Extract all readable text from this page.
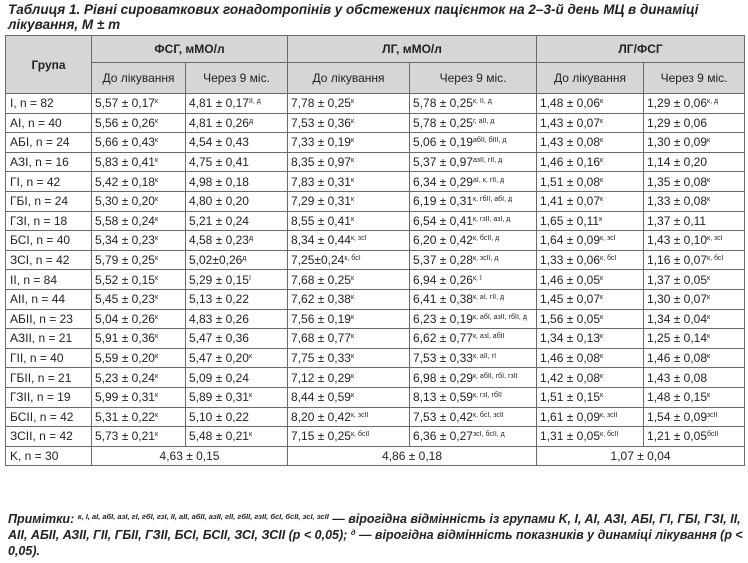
Таблиця 1. Рівні сироваткових гонадотропінів у обстежених пацієнток на 2–3-й день МЦ в динаміці лікування, M ± m
Група	ФСГ, мМО/л		ЛГ, мМО/л		ЛГ/ФСГ	
	До лікування	Через 9 міс.	До лікування	Через 9 міс.	До лікування	Через 9 міс.
I, n = 82	$5,57 \pm 0,17^к$	$4,81 \pm 0,17^{ІІ, д}$	$7,78 \pm 0,25^к$	$5,78 \pm 0,25^{к, ІІ, д}$	$1,48 \pm 0,06^к$	$1,29 \pm 0,06^{к, д}$
AI, n = 40	$5,56 \pm 0,26^к$	$4,81 \pm 0,26^д$	$7,53 \pm 0,36^к$	$5,78 \pm 0,25^{г, аІІ, д}$	$1,43 \pm 0,07^к$	1,29 ± 0,06
АБI, n = 24	$5,66 \pm 0,43^к$	4,54 ± 0,43	$7,33 \pm 0,19^к$	$5,06 \pm 0,19^{абІІ, бІІІ, д}$	$1,43 \pm 0,08^к$	$1,30 \pm 0,09^к$
АЗI, n = 16	$5,83 \pm 0,41^к$	4,75 ± 0,41	$8,35 \pm 0,97^к$	$5,37 \pm 0,97^{азІІ, гІІ, д}$	$1,46 \pm 0,16^к$	1,14 ± 0,20
ГI, n = 42	$5,42 \pm 0,18^к$	4,98 ± 0,18	$7,83 \pm 0,31^к$	$6,34 \pm 0,29^{аІ, к, гІІ, д}$	$1,51 \pm 0,08^к$	$1,35 \pm 0,08^к$
ГБI, n = 24	$5,30 \pm 0,20^к$	4,80 ± 0,20	$7,29 \pm 0,31^к$	$6,19 \pm 0,31^{к, гбІІ, абІ, д}$	$1,41 \pm 0,07^к$	$1,33 \pm 0,08^к$
ГЗI, n = 18	$5,58 \pm 0,24^к$	5,21 ± 0,24	$8,55 \pm 0,41^к$	$6,54 \pm 0,41^{к, гзІІ, азІ, д}$	$1,65 \pm 0,11^к$	1,37 ± 0,11
БСI, n = 40	$5,34 \pm 0,23^к$	$4,58 \pm 0,23^д$	$8,34 \pm 0,44^{к, зсІ}$	$6,20 \pm 0,42^{к, бсІІ, д}$	$1,64 \pm 0,09^{к, зсІ}$	$1,43 \pm 0,10^{к, зсІ}$
ЗСI, n = 42	$5,79 \pm 0,25^к$	$5,02\pm 0,26^д$	$7,25\pm 0,24^{к, бсІ}$	$5,37 \pm 0,28^{к, зсІІ, д}$	$1,33 \pm 0,06^{к, бсІ}$	$1,16 \pm 0,07^{к, бсІ}$
II, n = 84	$5,52 \pm 0,15^к$	$5,29 \pm 0,15^І$	$7,68 \pm 0,25^к$	$6,94 \pm 0,26^{к, І}$	$1,46 \pm 0,05^к$	$1,37 \pm 0,05^к$
AII, n = 44	$5,45 \pm 0,23^к$	5,13 ± 0,22	$7,62 \pm 0,38^к$	$6,41 \pm 0,38^{к, аІ, гІІ, д}$	$1,45 \pm 0,07^к$	$1,30 \pm 0,07^к$
АБII, n = 23	$5,04 \pm 0,26^к$	4,83 ± 0,26	$7,56 \pm 0,19^к$	$6,23 \pm 0,19^{к, абІ, азІІ, гбІІ, д}$	$1,56 \pm 0,05^к$	$1,34 \pm 0,04^к$
АЗII, n = 21	$5,91 \pm 0,36^к$	5,47 ± 0,36	$7,68 \pm 0,77^к$	$6,62 \pm 0,77^{к, азІ, абІІ}$	$1,34 \pm 0,13^к$	$1,25 \pm 0,14^к$
ГII, n = 40	$5,59 \pm 0,20^к$	$5,47 \pm 0,20^к$	$7,75 \pm 0,33^к$	$7,53 \pm 0,33^{к, аІІ, гІ}$	$1,46 \pm 0,08^к$	$1,46 \pm 0,08^к$
ГБII, n = 21	$5,23 \pm 0,24^к$	5,09 ± 0,24	$7,12 \pm 0,29^к$	$6,98 \pm 0,29^{к, абІІ, гбІ, гзІІ}$	$1,42 \pm 0,08^к$	1,43 ± 0,08
ГЗII, n = 19	$5,99 \pm 0,31^к$	$5,89 \pm 0,31^к$	$8,44 \pm 0,59^к$	$8,13 \pm 0,59^{к, гзІ, гбІІ}$	$1,51 \pm 0,15^к$	$1,48 \pm 0,15^к$
БСII, n = 42	$5,31 \pm 0,22^к$	5,10 ± 0,22	$8,20 \pm 0,42^{к, зсІІ}$	$7,53 \pm 0,42^{к, бсІ, зсІІ}$	$1,61 \pm 0,09^{к, зсІІ}$	$1,54 \pm 0,09^{зсІІ}$
ЗСII, n = 42	$5,73 \pm 0,21^к$	$5,48 \pm 0,21^к$	$7,15 \pm 0,25^{к, бсІІ}$	$6,36 \pm 0,27^{зсІ, бсІІ, д}$	$1,31 \pm 0,05^{к, бсІІ}$	$1,21 \pm 0,05^{бсІІ}$
K, n = 30	4,63 ± 0,15		4,86 ± 0,18		1,07 ± 0,04	
Примітки: $^{к, І, аІ, абІ, азІ, гІ, гбІ, гзІ, ІІ, аІІ, абІІ, азІІ, гІІ, гбІІ, гзІІ, бсІ, бсІІ, зсІ, зсІІ}$ — вірогідна відмінність із групами K, I, AI, АЗI, АБI, ГI, ГБI, ГЗI, II, AII, АБII, АЗII, ГII, ГБII, ГЗII, БСI, БСII, ЗСI, ЗСII (p < 0,05); $^д$ — вірогідна відмінність показників у динаміці лікування (p < 0,05).
